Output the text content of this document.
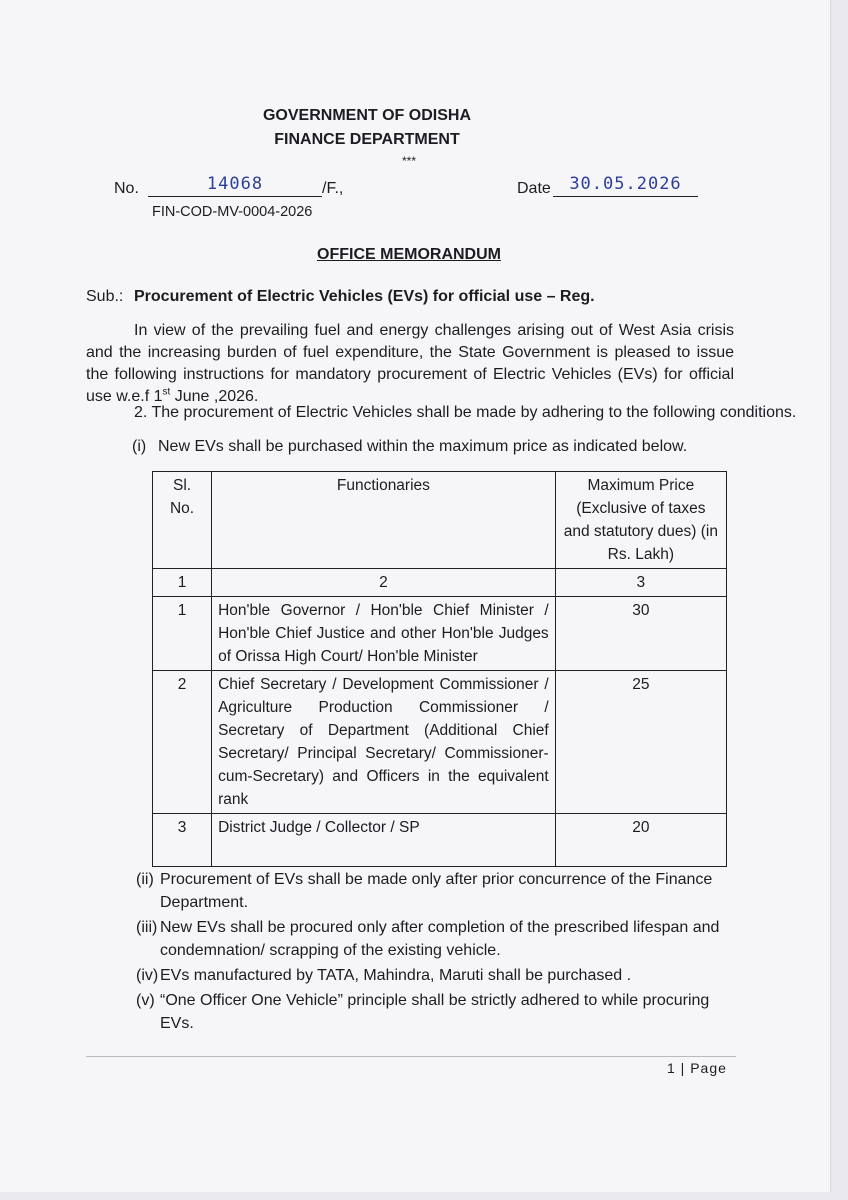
GOVERNMENT OF ODISHA
FINANCE DEPARTMENT
***
No.	14068	/F.,
FIN-COD-MV-0004-2026
Date	30.05.2026
OFFICE MEMORANDUM
Sub.: Procurement of Electric Vehicles (EVs) for official use – Reg.
In view of the prevailing fuel and energy challenges arising out of West Asia crisis and the increasing burden of fuel expenditure, the State Government is pleased to issue the following instructions for mandatory procurement of Electric Vehicles (EVs) for official use w.e.f 1st June ,2026.
2. The procurement of Electric Vehicles shall be made by adhering to the following conditions.
(i) New EVs shall be purchased within the maximum price as indicated below.
Sl. No.	Functionaries	Maximum Price (Exclusive of taxes and statutory dues) (in Rs. Lakh)
1	2	3
1	Hon'ble Governor / Hon'ble Chief Minister / Hon'ble Chief Justice and other Hon'ble Judges of Orissa High Court/ Hon'ble Minister	30
2	Chief Secretary / Development Commissioner / Agriculture Production Commissioner / Secretary of Department (Additional Chief Secretary/ Principal Secretary/ Commissioner-cum-Secretary) and Officers in the equivalent rank	25
3	District Judge / Collector / SP	20
(ii) Procurement of EVs shall be made only after prior concurrence of the Finance Department.
(iii) New EVs shall be procured only after completion of the prescribed lifespan and condemnation/ scrapping of the existing vehicle.
(iv) EVs manufactured by TATA, Mahindra, Maruti shall be purchased .
(v) “One Officer One Vehicle” principle shall be strictly adhered to while procuring EVs.
1 | Page
